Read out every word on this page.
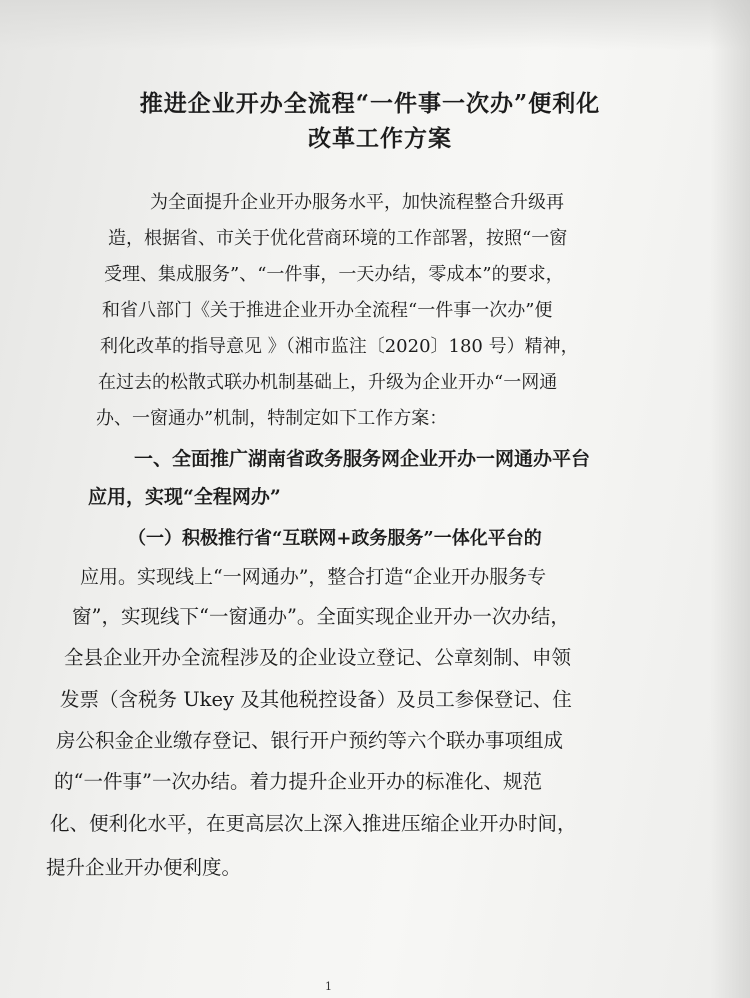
推进企业开办全流程“一件事一次办”便利化
改革工作方案
为全面提升企业开办服务水平，加快流程整合升级再
造，根据省、市关于优化营商环境的工作部署，按照“一窗
受理、集成服务”、“一件事，一天办结，零成本”的要求，
和省八部门《关于推进企业开办全流程“一件事一次办”便
利化改革的指导意见 》（湘市监注〔2020〕180 号）精神，
在过去的松散式联办机制基础上，升级为企业开办“一网通
办、一窗通办”机制，特制定如下工作方案：
一、全面推广湖南省政务服务网企业开办一网通办平台
应用，实现“全程网办”
（一）积极推行省“互联网+政务服务”一体化平台的
应用。实现线上“一网通办”，整合打造“企业开办服务专
窗”，实现线下“一窗通办”。全面实现企业开办一次办结，
全县企业开办全流程涉及的企业设立登记、公章刻制、申领
发票（含税务 Ukey 及其他税控设备）及员工参保登记、住
房公积金企业缴存登记、银行开户预约等六个联办事项组成
的“一件事”一次办结。着力提升企业开办的标准化、规范
化、便利化水平，在更高层次上深入推进压缩企业开办时间，
提升企业开办便利度。
1
